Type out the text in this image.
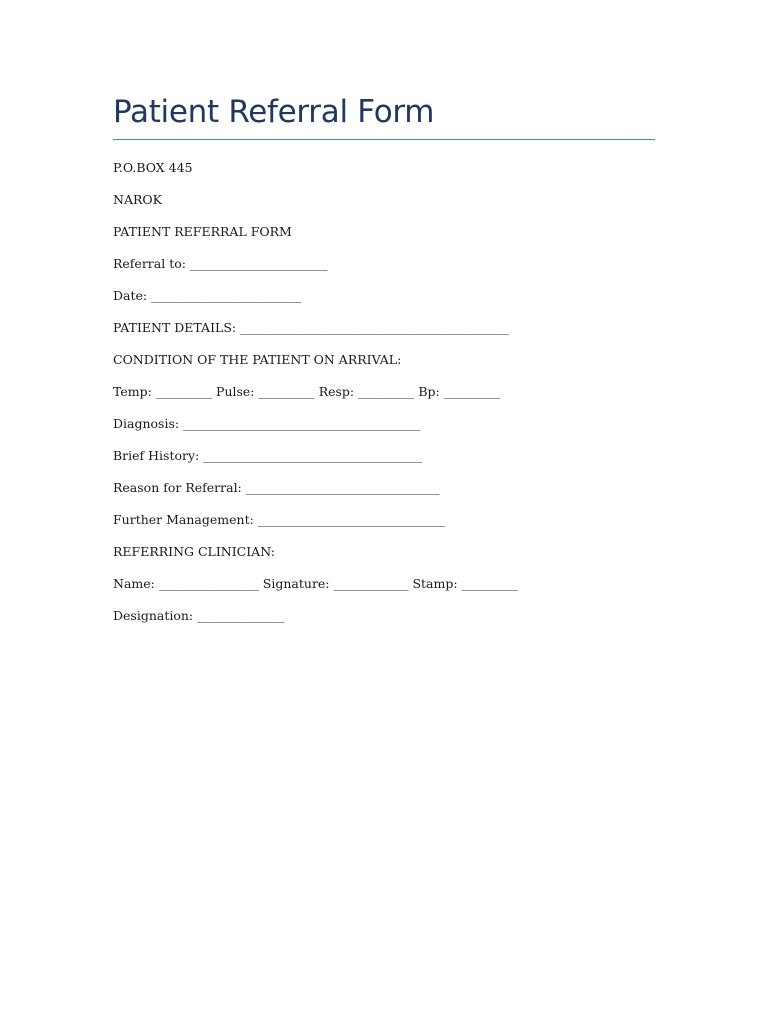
Patient Referral Form
P.O.BOX 445
NAROK
PATIENT REFERRAL FORM
Referral to: ______________________
Date: ________________________
PATIENT DETAILS: ___________________________________________
CONDITION OF THE PATIENT ON ARRIVAL:
Temp: _________ Pulse: _________ Resp: _________ Bp: _________
Diagnosis: ______________________________________
Brief History: ___________________________________
Reason for Referral: _______________________________
Further Management: ______________________________
REFERRING CLINICIAN:
Name: ________________ Signature: ____________ Stamp: _________
Designation: ______________
